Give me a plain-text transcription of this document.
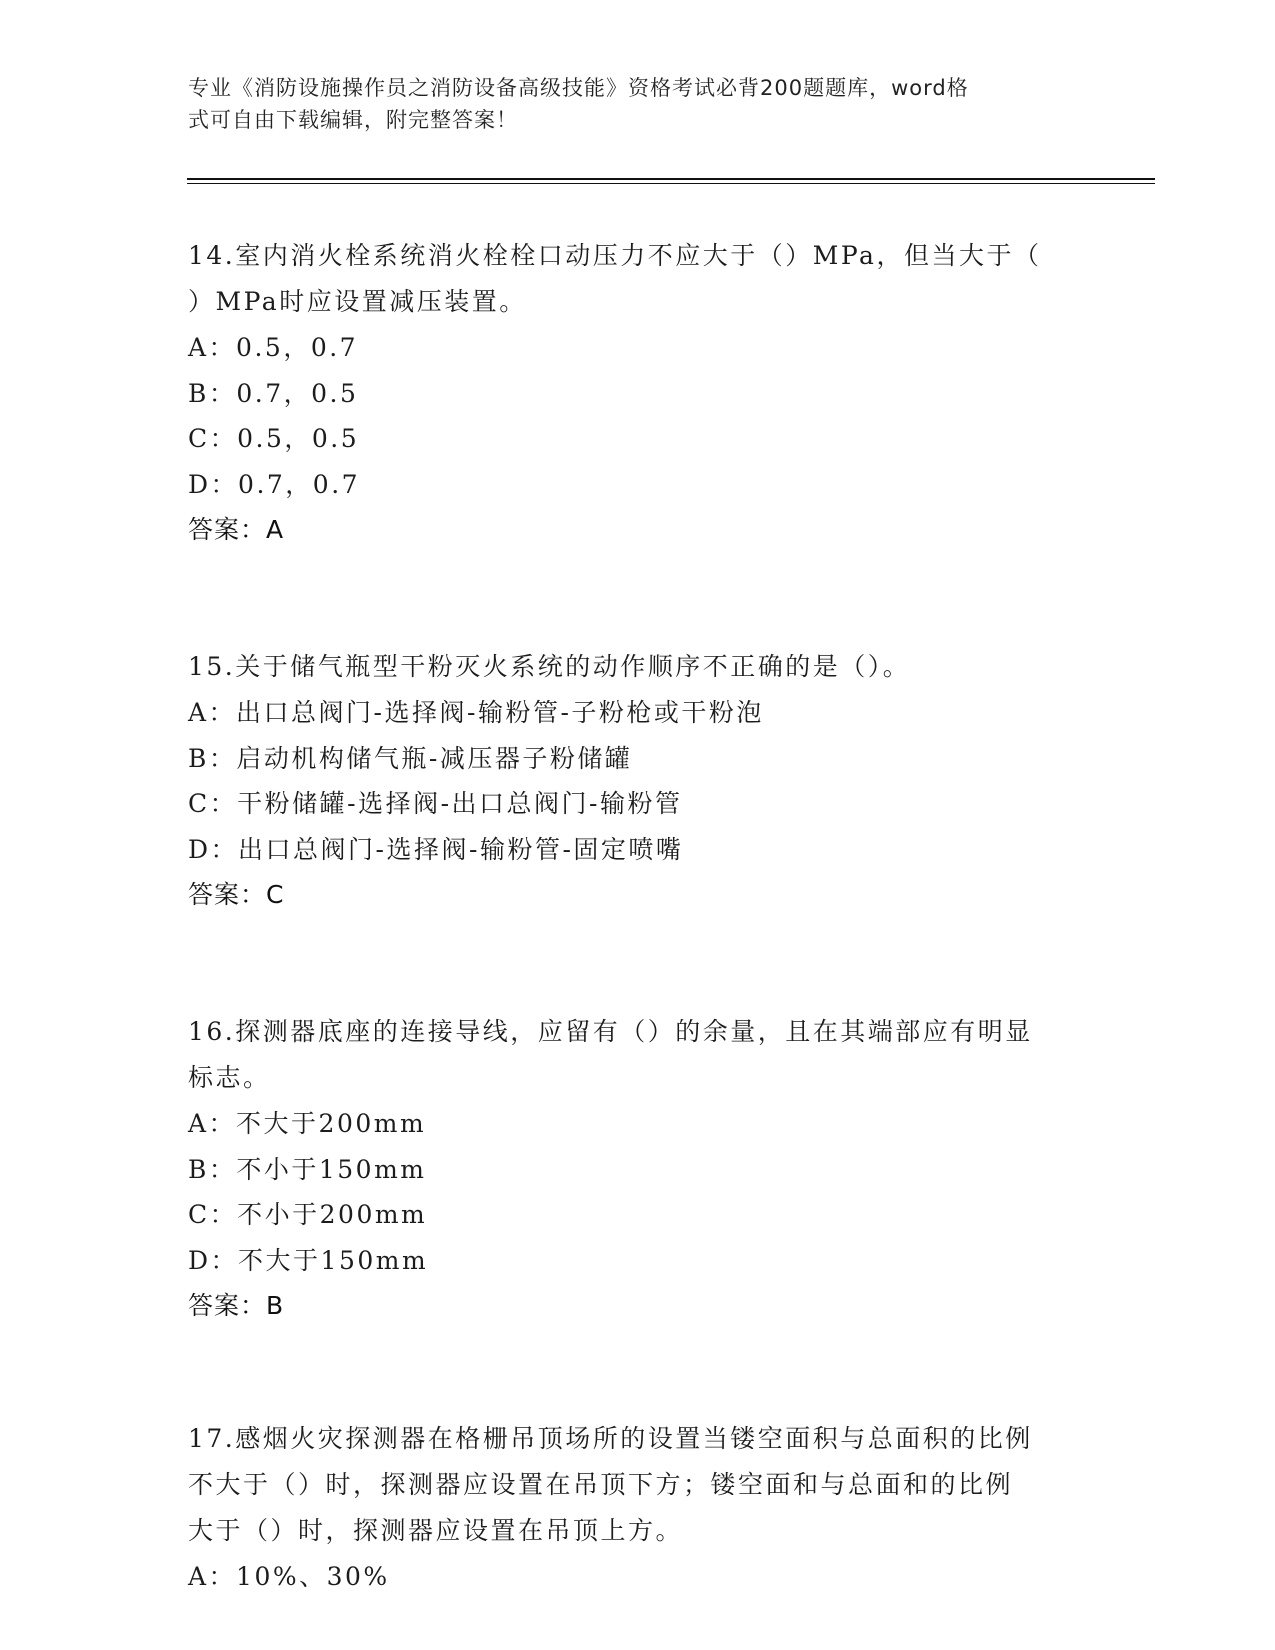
专业《消防设施操作员之消防设备高级技能》资格考试必背200题题库，word格
式可自由下载编辑，附完整答案！

14.室内消火栓系统消火栓栓口动压力不应大于（）MPa，但当大于（

）MPa时应设置减压装置。

A：0.5，0.7

B：0.7，0.5

C：0.5，0.5

D：0.7，0.7

答案：A

15.关于储气瓶型干粉灭火系统的动作顺序不正确的是（）。

A：出口总阀门-选择阀-输粉管-子粉枪或干粉泡

B：启动机构储气瓶-减压器子粉储罐

C：干粉储罐-选择阀-出口总阀门-输粉管

D：出口总阀门-选择阀-输粉管-固定喷嘴

答案：C

16.探测器底座的连接导线，应留有（）的余量，且在其端部应有明显

标志。

A：不大于200mm

B：不小于150mm

C：不小于200mm

D：不大于150mm

答案：B

17.感烟火灾探测器在格栅吊顶场所的设置当镂空面积与总面积的比例

不大于（）时，探测器应设置在吊顶下方；镂空面和与总面和的比例

大于（）时，探测器应设置在吊顶上方。

A：10%、30%
